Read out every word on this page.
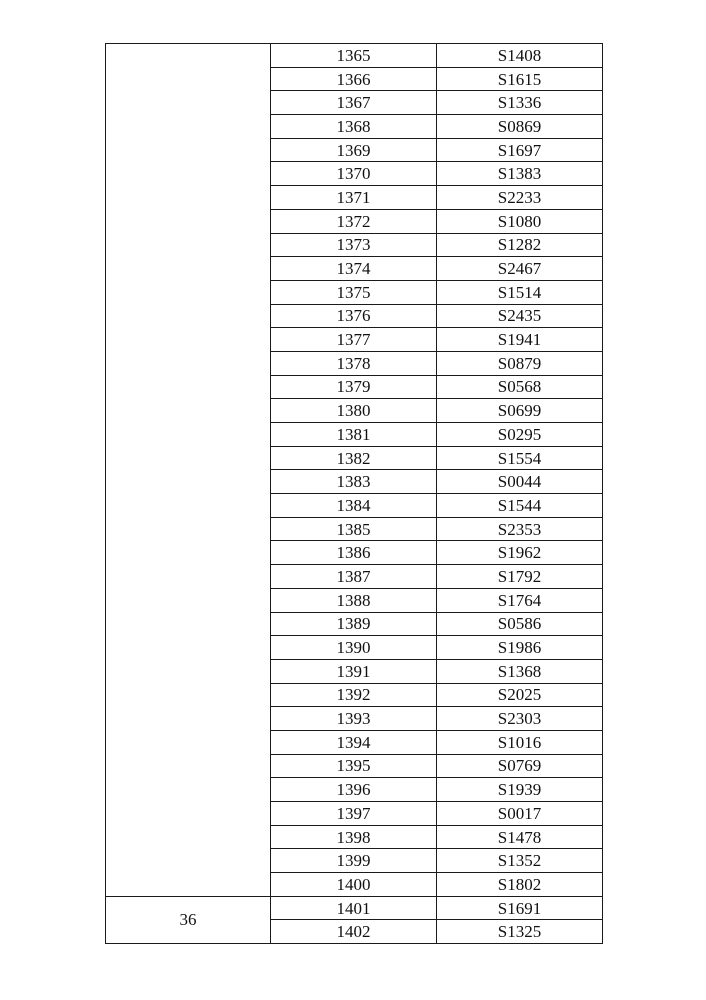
	1365	S1408
	1366	S1615
	1367	S1336
	1368	S0869
	1369	S1697
	1370	S1383
	1371	S2233
	1372	S1080
	1373	S1282
	1374	S2467
	1375	S1514
	1376	S2435
	1377	S1941
	1378	S0879
	1379	S0568
	1380	S0699
	1381	S0295
	1382	S1554
	1383	S0044
	1384	S1544
	1385	S2353
	1386	S1962
	1387	S1792
	1388	S1764
	1389	S0586
	1390	S1986
	1391	S1368
	1392	S2025
	1393	S2303
	1394	S1016
	1395	S0769
	1396	S1939
	1397	S0017
	1398	S1478
	1399	S1352
	1400	S1802
36	1401	S1691
	1402	S1325
